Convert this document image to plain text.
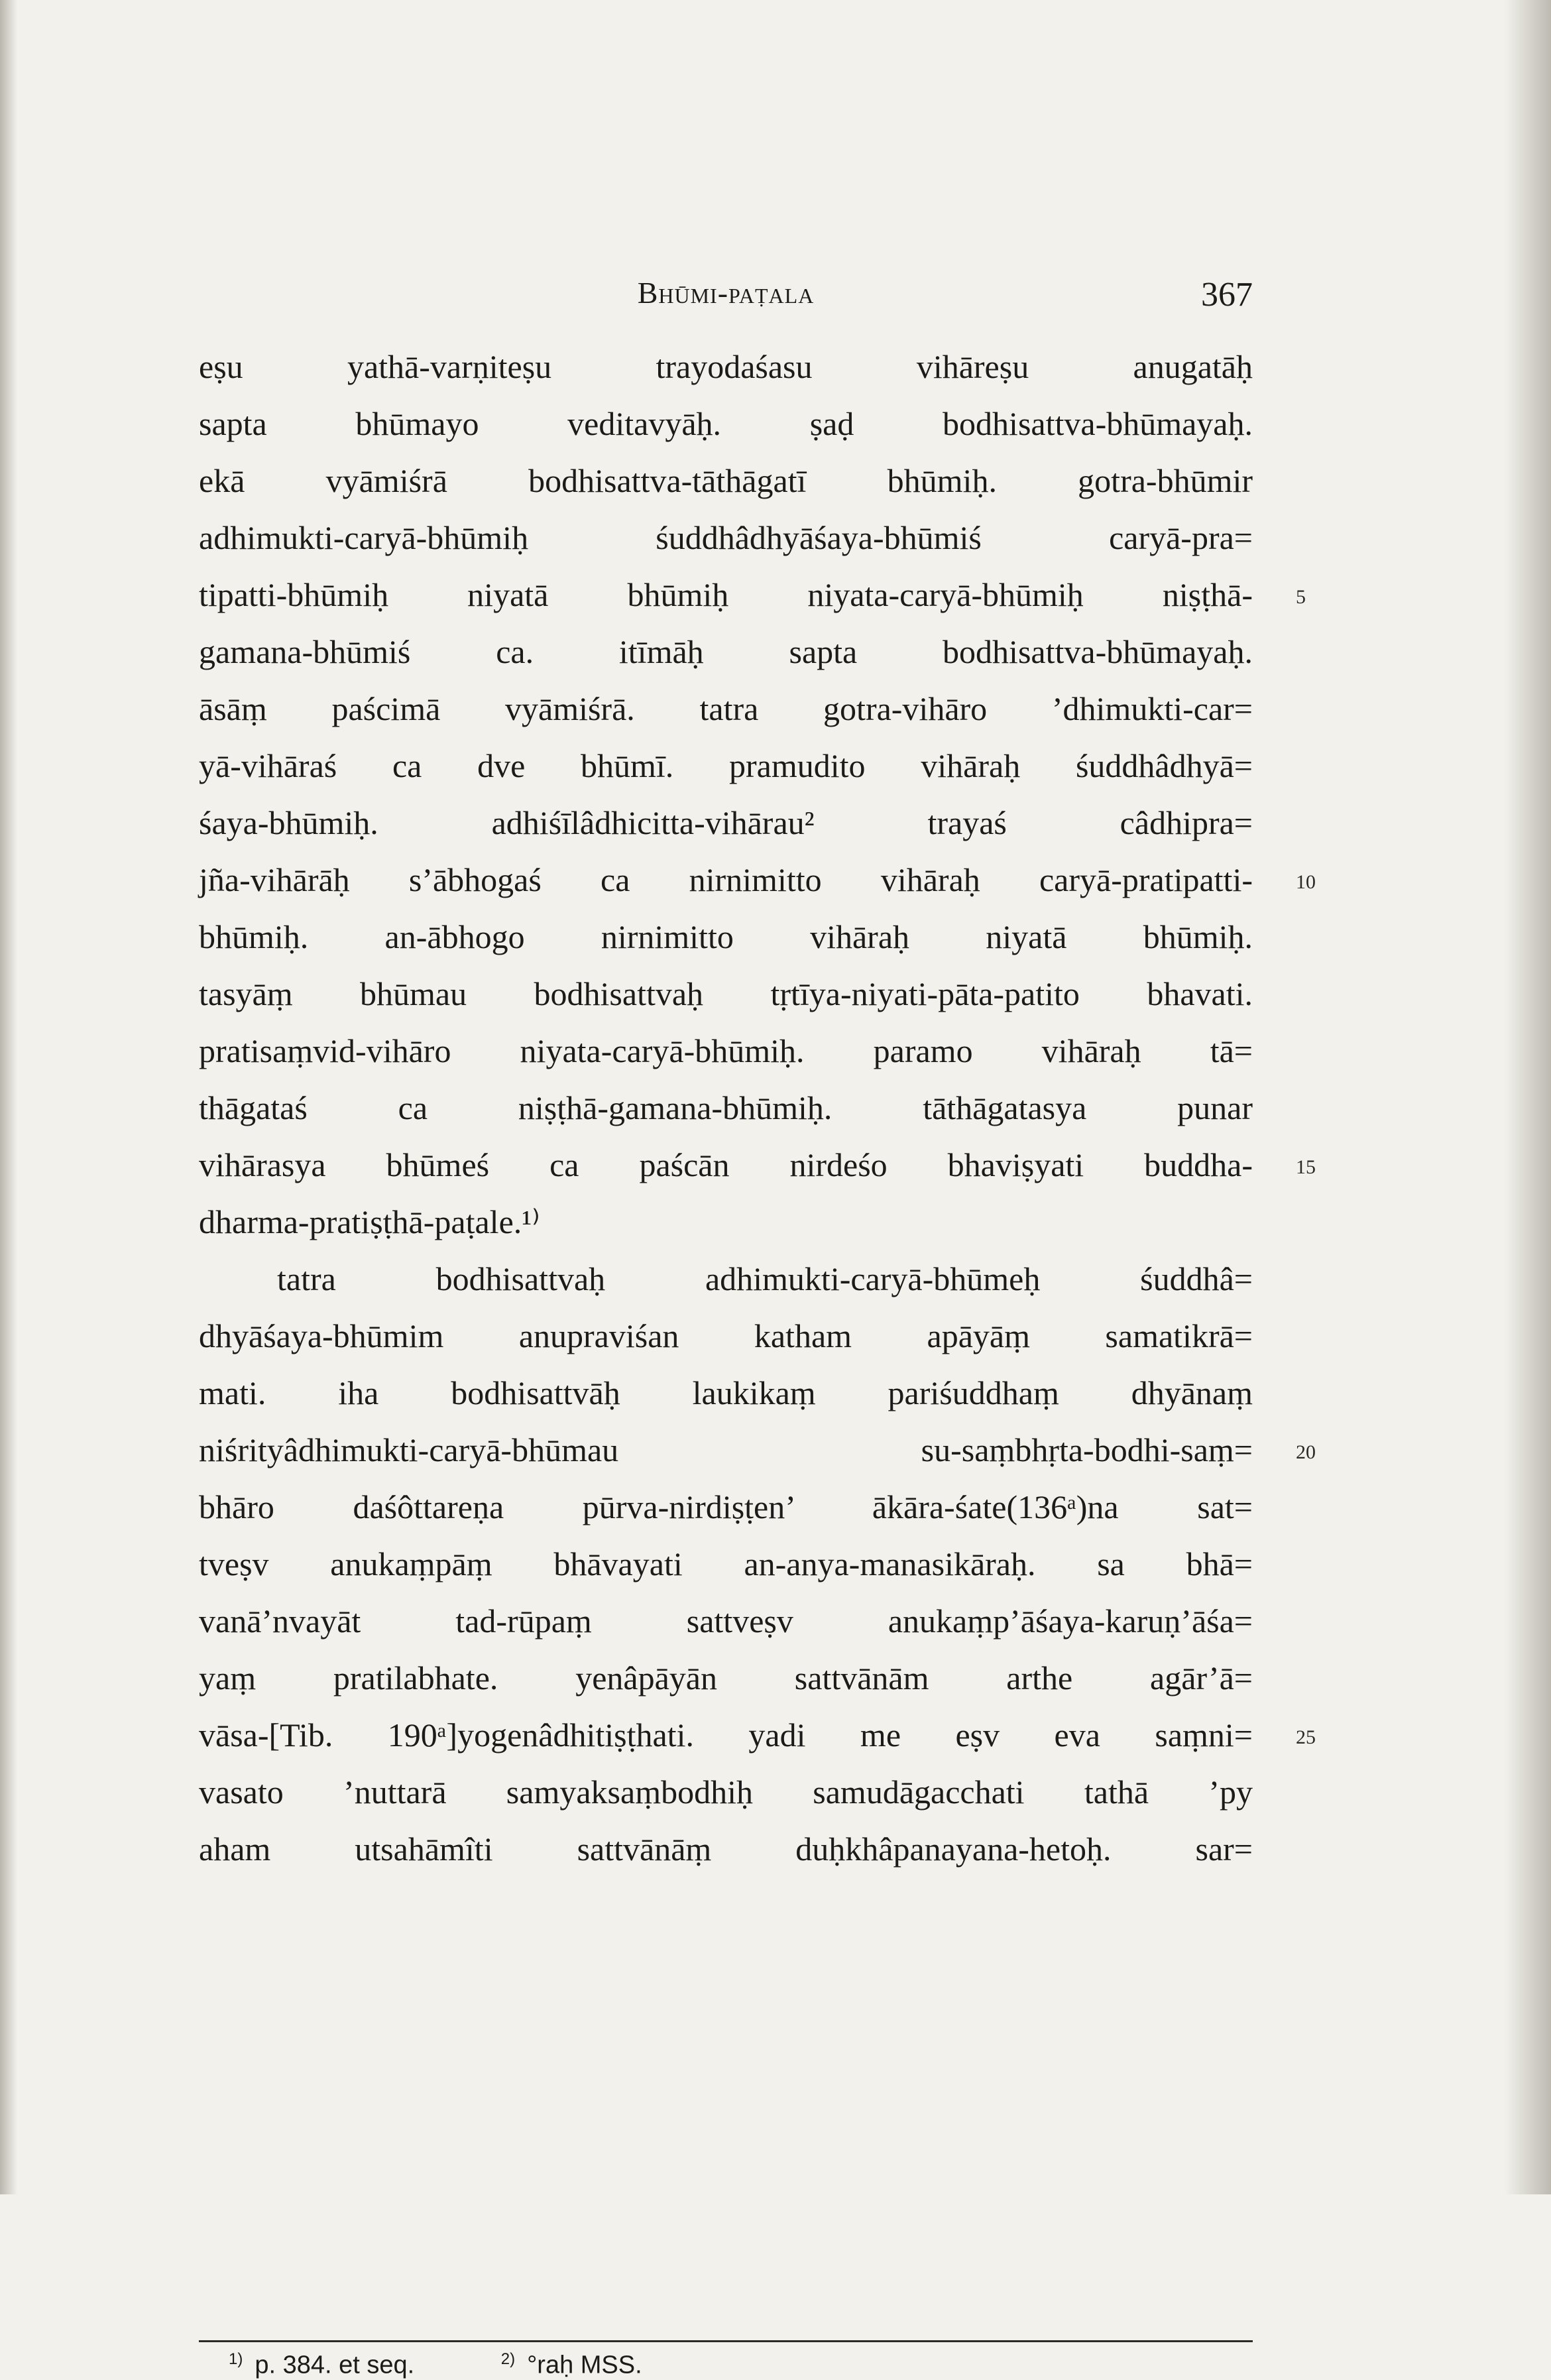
Bhūmi-paṭala	367
eṣu yathā-varṇiteṣu trayodaśasu vihāreṣu anugatāḥ
sapta bhūmayo veditavyāḥ. ṣaḍ bodhisattva-bhūmayaḥ.
ekā vyāmiśrā bodhisattva-tāthāgatī bhūmiḥ. gotra-bhūmir
adhimukti-caryā-bhūmiḥ śuddhâdhyāśaya-bhūmiś caryā-pra=
tipatti-bhūmiḥ niyatā bhūmiḥ niyata-caryā-bhūmiḥ niṣṭhā- 5
gamana-bhūmiś ca. itīmāḥ sapta bodhisattva-bhūmayaḥ.
āsāṃ paścimā vyāmiśrā. tatra gotra-vihāro ’dhimukti-car=
yā-vihāraś ca dve bhūmī. pramudito vihāraḥ śuddhâdhyā=
śaya-bhūmiḥ. adhiśīlâdhicitta-vihārau² trayaś câdhipra=
jña-vihārāḥ s’ābhogaś ca nirnimitto vihāraḥ caryā-pratipatti- 10
bhūmiḥ. an-ābhogo nirnimitto vihāraḥ niyatā bhūmiḥ.
tasyāṃ bhūmau bodhisattvaḥ tṛtīya-niyati-pāta-patito bhavati.
pratisaṃvid-vihāro niyata-caryā-bhūmiḥ. paramo vihāraḥ tā=
thāgataś ca niṣṭhā-gamana-bhūmiḥ. tāthāgatasya punar
vihārasya bhūmeś ca paścān nirdeśo bhaviṣyati buddha- 15
dharma-pratiṣṭhā-paṭale.¹⁾
tatra bodhisattvaḥ adhimukti-caryā-bhūmeḥ śuddhâ=
dhyāśaya-bhūmim anupraviśan katham apāyāṃ samatikrā=
mati. iha bodhisattvāḥ laukikaṃ pariśuddhaṃ dhyānaṃ
niśrityâdhimukti-caryā-bhūmau su-saṃbhṛta-bodhi-saṃ= 20
bhāro daśôttareṇa pūrva-nirdiṣṭen’ ākāra-śate(136ᵃ)na sat=
tveṣv anukaṃpāṃ bhāvayati an-anya-manasikāraḥ. sa bhā=
vanā’nvayāt tad-rūpaṃ sattveṣv anukaṃp’āśaya-karuṇ’āśa=
yaṃ pratilabhate. yenâpāyān sattvānām arthe agār’ā=
vāsa-[Tib. 190ᵃ]yogenâdhitiṣṭhati. yadi me eṣv eva saṃni= 25
vasato ’nuttarā samyaksaṃbodhiḥ samudāgacchati tathā ’py
aham utsahāmîti sattvānāṃ duḥkhâpanayana-hetoḥ. sar=
$^{1)}$ p. 384. et seq.	$^{2)}$ °raḥ MSS.
